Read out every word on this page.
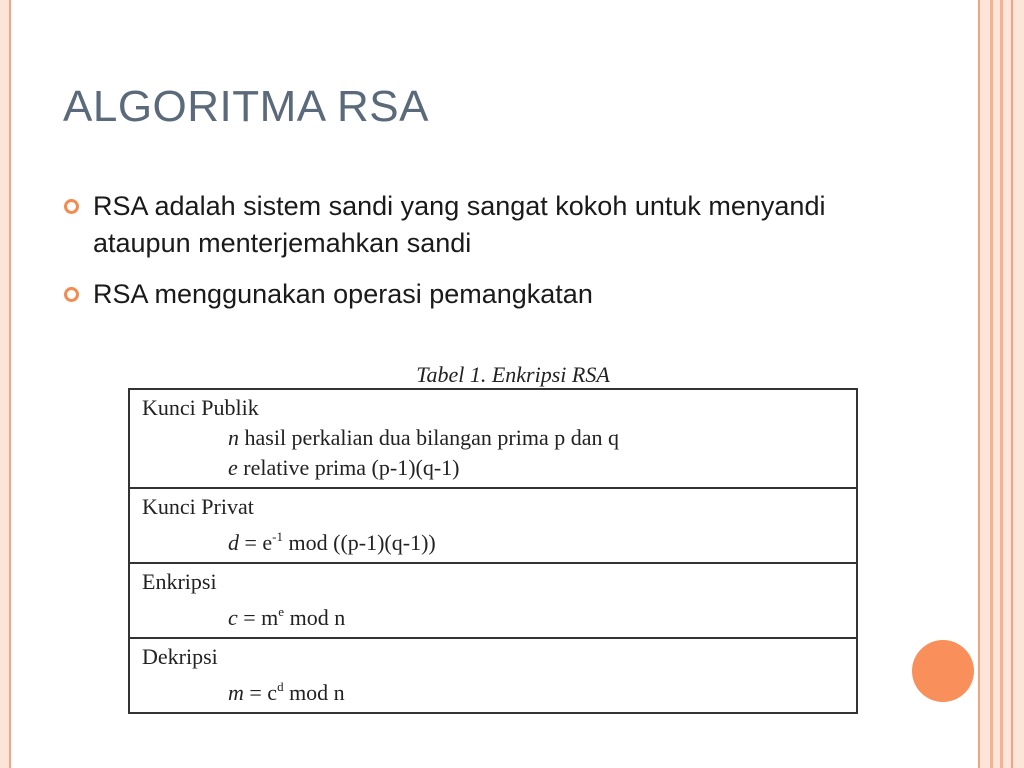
ALGORITMA RSA
RSA adalah sistem sandi yang sangat kokoh untuk menyandi ataupun menterjemahkan sandi
RSA menggunakan operasi pemangkatan
Tabel 1. Enkripsi RSA
Kunci Publik
n hasil perkalian dua bilangan prima p dan q
e relative prima (p-1)(q-1)
Kunci Privat
$d = e^{-1}$ mod ((p-1)(q-1))
Enkripsi
$c = m^e$ mod n
Dekripsi
$m = c^d$ mod n
